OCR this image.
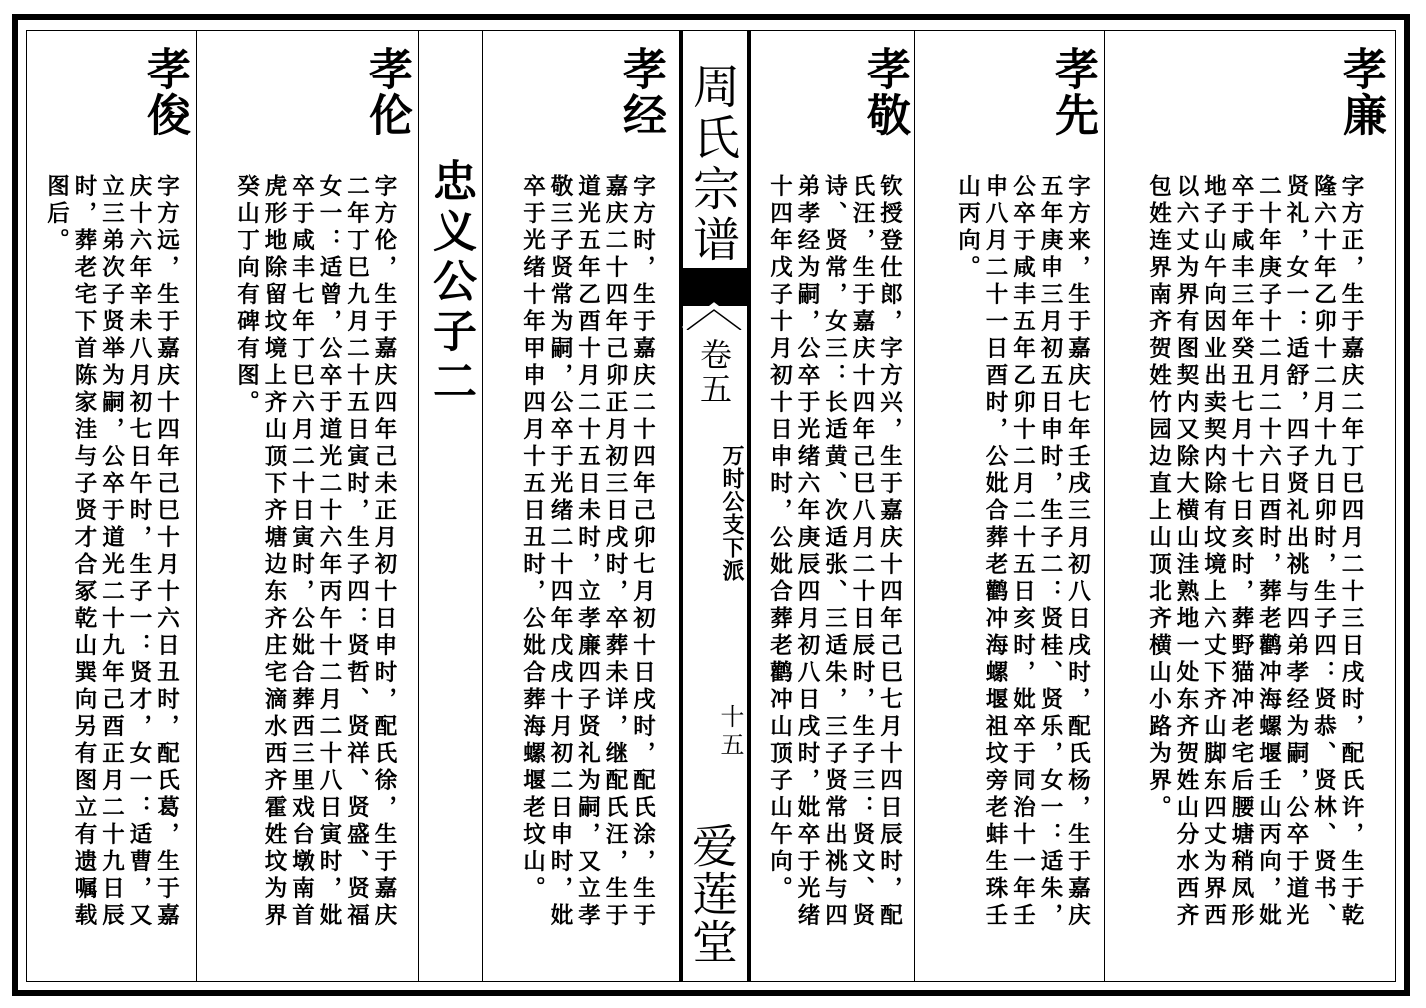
周氏宗谱
卷五
万时公支下派
十五
爱莲堂
孝廉
字方正，生于嘉庆二年丁巳四月二十三日戌时，配氏许，生于乾
隆六十年乙卯十二月十九日卯时，生子四：贤恭、贤林、贤书、
贤礼，女一：适舒，四子贤礼出祧与四弟孝经为嗣，公卒于道光
二十年庚子十二月二十六日酉时，葬老鹳冲海螺堰壬山丙向，妣
卒于咸丰三年癸丑七月十七日亥时，葬野猫冲老宅后腰塘稍凤形
地子山午向因业出卖契内除有坟境上六丈下齐山脚东四丈为界西
以六丈为界有图契内又除大横山洼熟地一处东齐贺姓山分水西齐
包姓连界南齐贺姓竹园边直上山顶北齐横山小路为界。
孝先
字方来，生于嘉庆七年壬戌三月初八日戌时，配氏杨，生于嘉庆
五年庚申三月初五日申时，生子二：贤桂、贤乐，女一：适朱，
公卒于咸丰五年乙卯十二月二十五日亥时，妣卒于同治十一年壬
申八月二十一日酉时，公妣合葬老鹳冲海螺堰祖坟旁老蚌生珠壬
山丙向。
孝敬
钦授登仕郎，字方兴，生于嘉庆十四年己巳七月十四日辰时，配
氏汪，生于嘉庆十四年己巳八月二十日辰时，生子三：贤文、贤
诗、贤常，女三：长适黄、次适张、三适朱，三子贤常出祧与四
弟孝经为嗣，公卒于光绪六年庚辰四月初八日戌时，妣卒于光绪
十四年戊子十月初十日申时，公妣合葬老鹳冲山顶子山午向。
孝经
字方时，生于嘉庆二十四年己卯七月初十日戌时，配氏涂，生于
嘉庆二十四年己卯正月初三日戌时，卒葬未详，继配氏汪，生于
道光五年乙酉十月二十五日未时，立孝廉四子贤礼为嗣，又立孝
敬三子贤常为嗣，公卒于光绪二十四年戊戌十月初二日申时，妣
卒于光绪十年甲申四月十五日丑时，公妣合葬海螺堰老坟山。
忠义公子二
孝伦
字方伦，生于嘉庆四年己未正月初十日申时，配氏徐，生于嘉庆
二年丁巳九月二十五日寅时，生子四：贤哲、贤祥、贤盛、贤福
女一：适曾，公卒于道光二十六年丙午十二月二十八日寅时，妣
卒于咸丰七年丁巳六月二十日寅时，公妣合葬西三里戏台墩南首
虎形地除留坟境上齐山顶下齐塘边东齐庄宅滴水西齐霍姓坟为界
癸山丁向有碑有图。
孝俊
字方远，生于嘉庆十四年己巳十月十六日丑时，配氏葛，生于嘉
庆十六年辛未八月初七日午时，生子一：贤才，女一：适曹，又
立三弟次子贤举为嗣，公卒于道光二十九年己酉正月二十九日辰
时，葬老宅下首陈家洼与子贤才合冢乾山巽向另有图立有遗嘱载
图后。
